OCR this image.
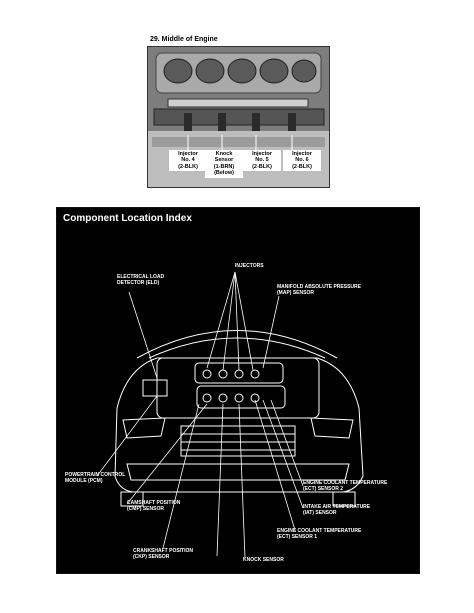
29. Middle of Engine
Injector
No. 4
(2-BLK)
Knock
Sensor
(1-BRN)
(Below)
Injector
No. 5
(2-BLK)
Injector
No. 6
(2-BLK)
Component Location Index
INJECTORS
ELECTRICAL LOAD
DETECTOR (ELD)
MANIFOLD ABSOLUTE PRESSURE
(MAP) SENSOR
POWERTRAIN CONTROL
MODULE (PCM)	ENGINE COOLANT TEMPERATURE
(ECT) SENSOR 2
INTAKE AIR TEMPERATURE
(IAT) SENSOR
CAMSHAFT POSITION
(CMP) SENSOR
ENGINE COOLANT TEMPERATURE
(ECT) SENSOR 1
CRANKSHAFT POSITION
(CKP) SENSOR	KNOCK SENSOR
